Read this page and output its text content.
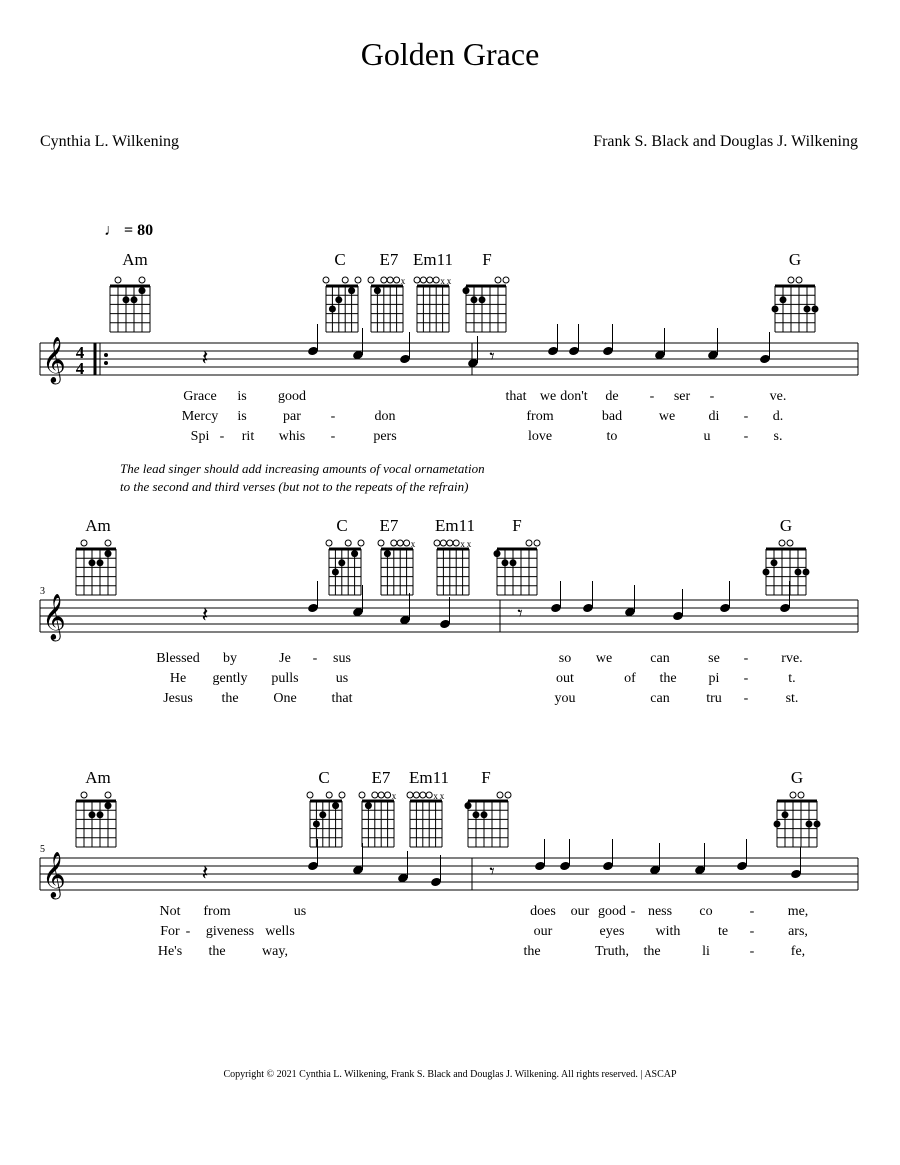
Golden Grace
Cynthia L. Wilkening	Frank S. Black and Douglas J. Wilkening
♩ = 80
The lead singer should add increasing amounts of vocal ornametation
to the second and third verses (but not to the repeats of the refrain)
Copyright © 2021 Cynthia L. Wilkening, Frank S. Black and Douglas J. Wilkening. All rights reserved. | ASCAP
𝄞 4
4
Am	C E7
x
Em11
x x
F	G
𝄽	𝄾
Grace is good	that we don't de - ser -	ve.
Mercy is	par -	don	from	bad	we di - d.
Spi - rit whis -	pers	love	to	u - s.
𝄞
3
Am	C E7
x
Em11
x x
F	G
𝄽	𝄾
Blessed by	Je - sus	so we	can	se - rve.
He gently pulls	us	out	of the pi -	t.
Jesus the One that	you	can	tru -	st.
𝄞
5
Am	C E7
x
Em11
x x
F	G
𝄽	𝄾
Not from	us	does our good - ness co	- me,
For - giveness wells	our	eyes with	te - ars,
He's the	way,	the	Truth, the	li	-	fe,
